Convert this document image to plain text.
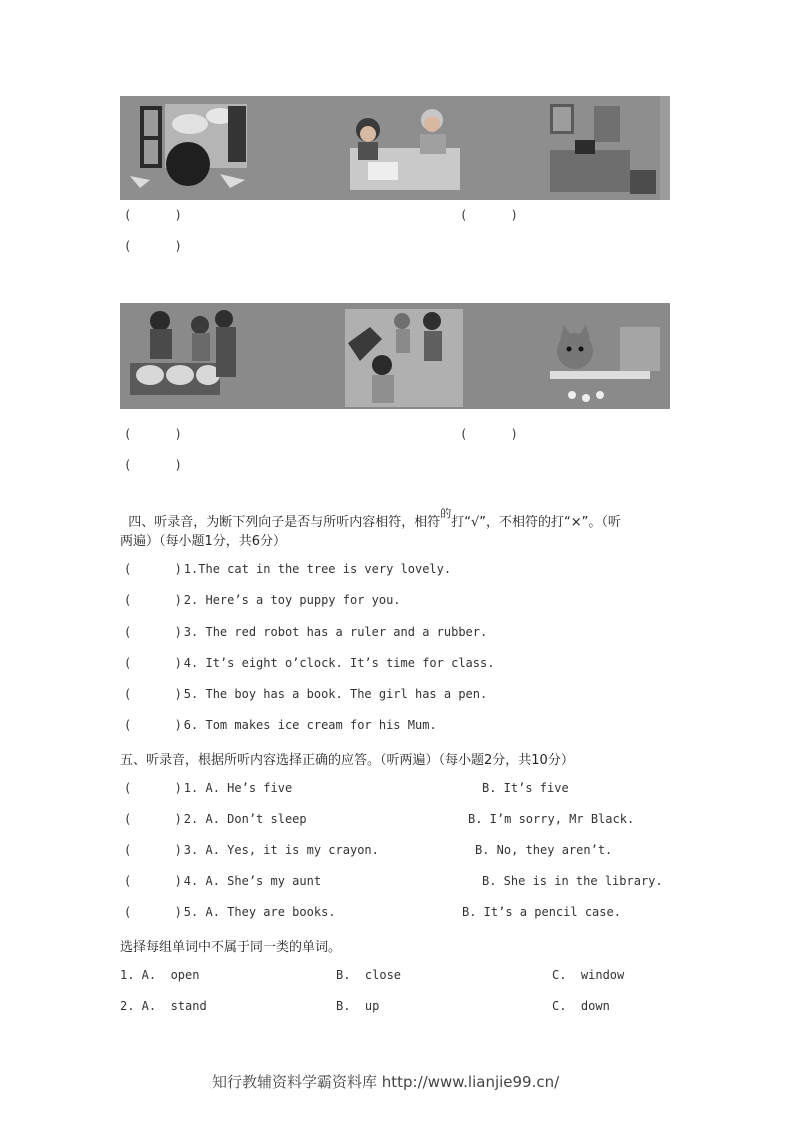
(      )	(      )
(      )
(      )	(      )
(      )

四、听录音，为断下列向子是否与所听内容相符，相符$^的$打“√”，不相符的打“×”。（听

两遍）（每小题1分，共6分）
(      ) 1.The cat in the tree is very lovely.
(      ) 2. Here’s a toy puppy for you.
(      ) 3. The red robot has a ruler and a rubber.
(      ) 4. It’s eight o’clock. It’s time for class.
(      ) 5. The boy has a book. The girl has a pen.
(      ) 6. Tom makes ice cream for his Mum.
五、听录音，根据所听内容选择正确的应答。（听两遍）（每小题2分，共10分）
(      ) 1. A. He’s five	B. It’s five
(      ) 2. A. Don’t sleep	B. I’m sorry, Mr Black.
(      ) 3. A. Yes, it is my crayon.	B. No, they aren’t.
(      ) 4. A. She’s my aunt	B. She is in the library.
(      ) 5. A. They are books.	B. It’s a pencil case.
选择每组单词中不属于同一类的单词。
1. A.  open	B.  close	C.  window
2. A.  stand	B.  up	C.  down
知行教辅资料学霸资料库 http://www.lianjie99.cn/
